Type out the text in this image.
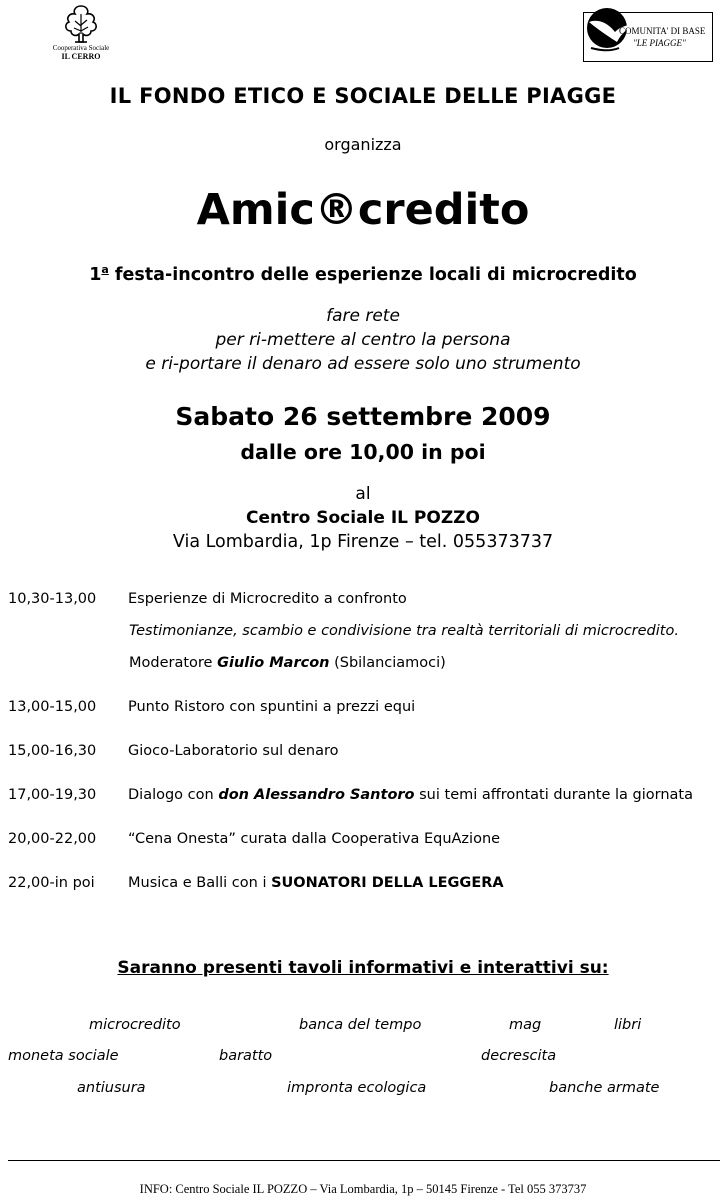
Cooperativa Sociale
IL CERRO
COMUNITA' DI BASE
"LE PIAGGE"
IL FONDO ETICO E SOCIALE DELLE PIAGGE
organizza
Amic®credito
1$^a$ festa-incontro delle esperienze locali di microcredito
fare rete
per ri-mettere al centro la persona
e ri-portare il denaro ad essere solo uno strumento
Sabato 26 settembre 2009
dalle ore 10,00 in poi
al
Centro Sociale IL POZZO
Via Lombardia, 1p Firenze – tel. 055373737
10,30-13,00 Esperienze di Microcredito a confronto
Testimonianze, scambio e condivisione tra realtà territoriali di microcredito.
Moderatore Giulio Marcon (Sbilanciamoci)
13,00-15,00 Punto Ristoro con spuntini a prezzi equi
15,00-16,30 Gioco-Laboratorio sul denaro
17,00-19,30 Dialogo con don Alessandro Santoro sui temi affrontati durante la giornata
20,00-22,00 “Cena Onesta” curata dalla Cooperativa EquAzione
22,00-in poi Musica e Balli con i SUONATORI DELLA LEGGERA
Saranno presenti tavoli informativi e interattivi su:
microcredito	banca del tempo	mag	libri
moneta sociale	baratto	decrescita
antiusura	impronta ecologica	banche armate
INFO: Centro Sociale IL POZZO – Via Lombardia, 1p – 50145 Firenze - Tel 055 373737
